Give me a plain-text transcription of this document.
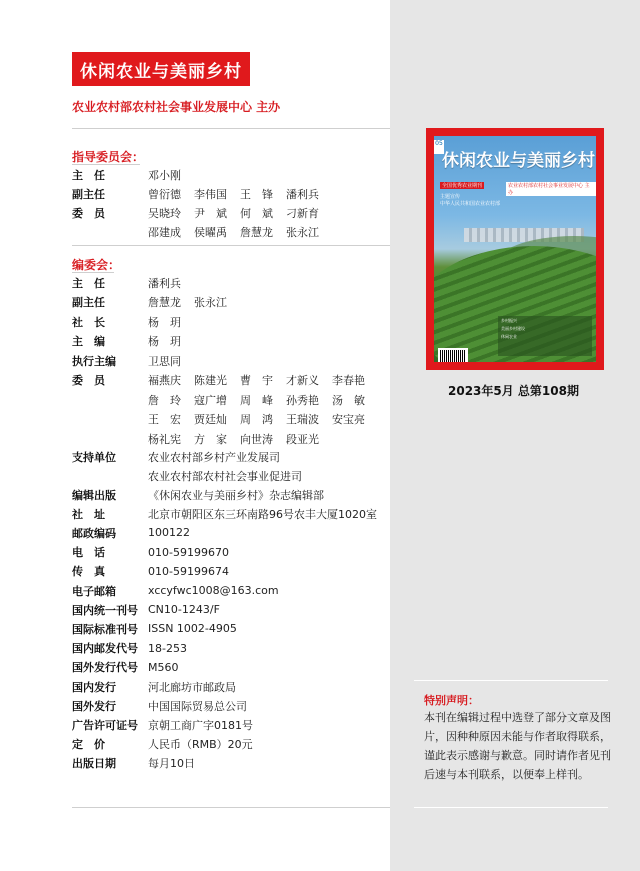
休闲农业与美丽乡村
农业农村部农村社会事业发展中心 主办
指导委员会：
主　任	邓小刚
副主任	曾衍德 李伟国 王　锋 潘利兵
委　员	吴晓玲 尹　斌 何　斌 刁新育
邵建成 侯曜禹 詹慧龙 张永江
编委会：
主　任	潘利兵
副主任	詹慧龙 张永江
社　长	杨　玥
主　编	杨　玥
执行主编	卫思同
委　员	褔燕庆 陈建光 曹　宇 才新义 李春艳
詹　玲 寇广增 周　峰 孙秀艳 汤　敏
王　宏 贾廷灿 周　鸿 王瑞波 安宝亮
杨礼宪 方　家 向世涛 段亚光
支持单位	农业农村部乡村产业发展司
农业农村部农村社会事业促进司
编辑出版	《休闲农业与美丽乡村》杂志编辑部
社　址	北京市朝阳区东三环南路96号农丰大厦1020室
邮政编码	100122
电　话	010-59199670
传　真	010-59199674
电子邮箱	xccyfwc1008@163.com
国内统一刊号 CN10-1243/F
国际标准刊号 ISSN 1002-4905
国内邮发代号 18-253
国外发行代号 M560
国内发行	河北廊坊市邮政局
国外发行	中国国际贸易总公司
广告许可证号 京朝工商广字0181号
定　价	人民币（RMB）20元
出版日期	每月10日
05
休闲农业与美丽乡村
全国优秀农业期刊	农业农村部农村社会事业发展中心 主办
主题宣传
中华人民共和国农业农村部
乡村振兴
美丽乡村建设
休闲农业
2023年5月 总第108期
特别声明：
本刊在编辑过程中选登了部分文章及图片，因种种原因未能与作者取得联系，谨此表示感谢与歉意。同时请作者见刊后速与本刊联系，以便奉上样刊。
